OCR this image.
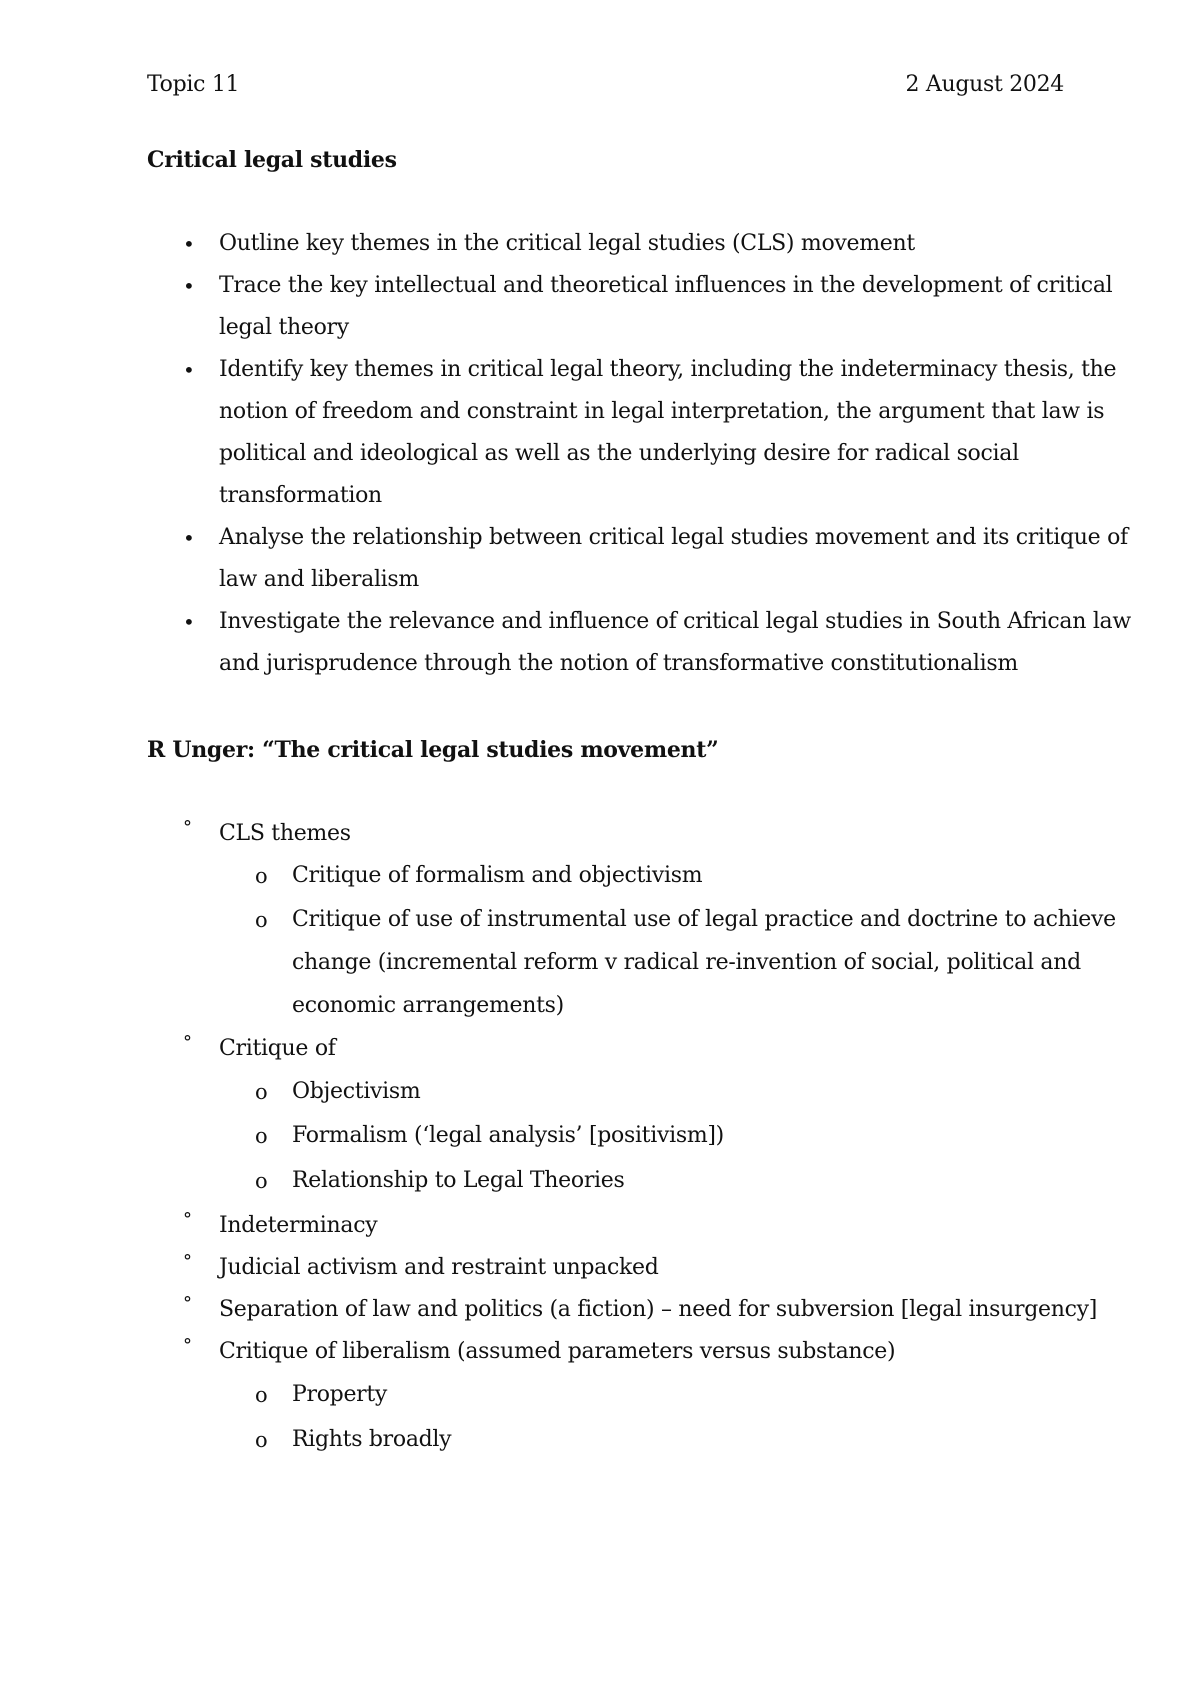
Topic 11	2 August 2024
Critical legal studies
• Outline key themes in the critical legal studies (CLS) movement
• Trace the key intellectual and theoretical influences in the development of critical
legal theory
• Identify key themes in critical legal theory, including the indeterminacy thesis, the
notion of freedom and constraint in legal interpretation, the argument that law is
political and ideological as well as the underlying desire for radical social
transformation
• Analyse the relationship between critical legal studies movement and its critique of
law and liberalism
• Investigate the relevance and influence of critical legal studies in South African law
and jurisprudence through the notion of transformative constitutionalism
R Unger: “The critical legal studies movement”
° CLS themes
o Critique of formalism and objectivism
o Critique of use of instrumental use of legal practice and doctrine to achieve
change (incremental reform v radical re-invention of social, political and
economic arrangements)
° Critique of
o Objectivism
o Formalism (‘legal analysis’ [positivism])
o Relationship to Legal Theories
° Indeterminacy
° Judicial activism and restraint unpacked
° Separation of law and politics (a fiction) – need for subversion [legal insurgency]
° Critique of liberalism (assumed parameters versus substance)
o Property
o Rights broadly
